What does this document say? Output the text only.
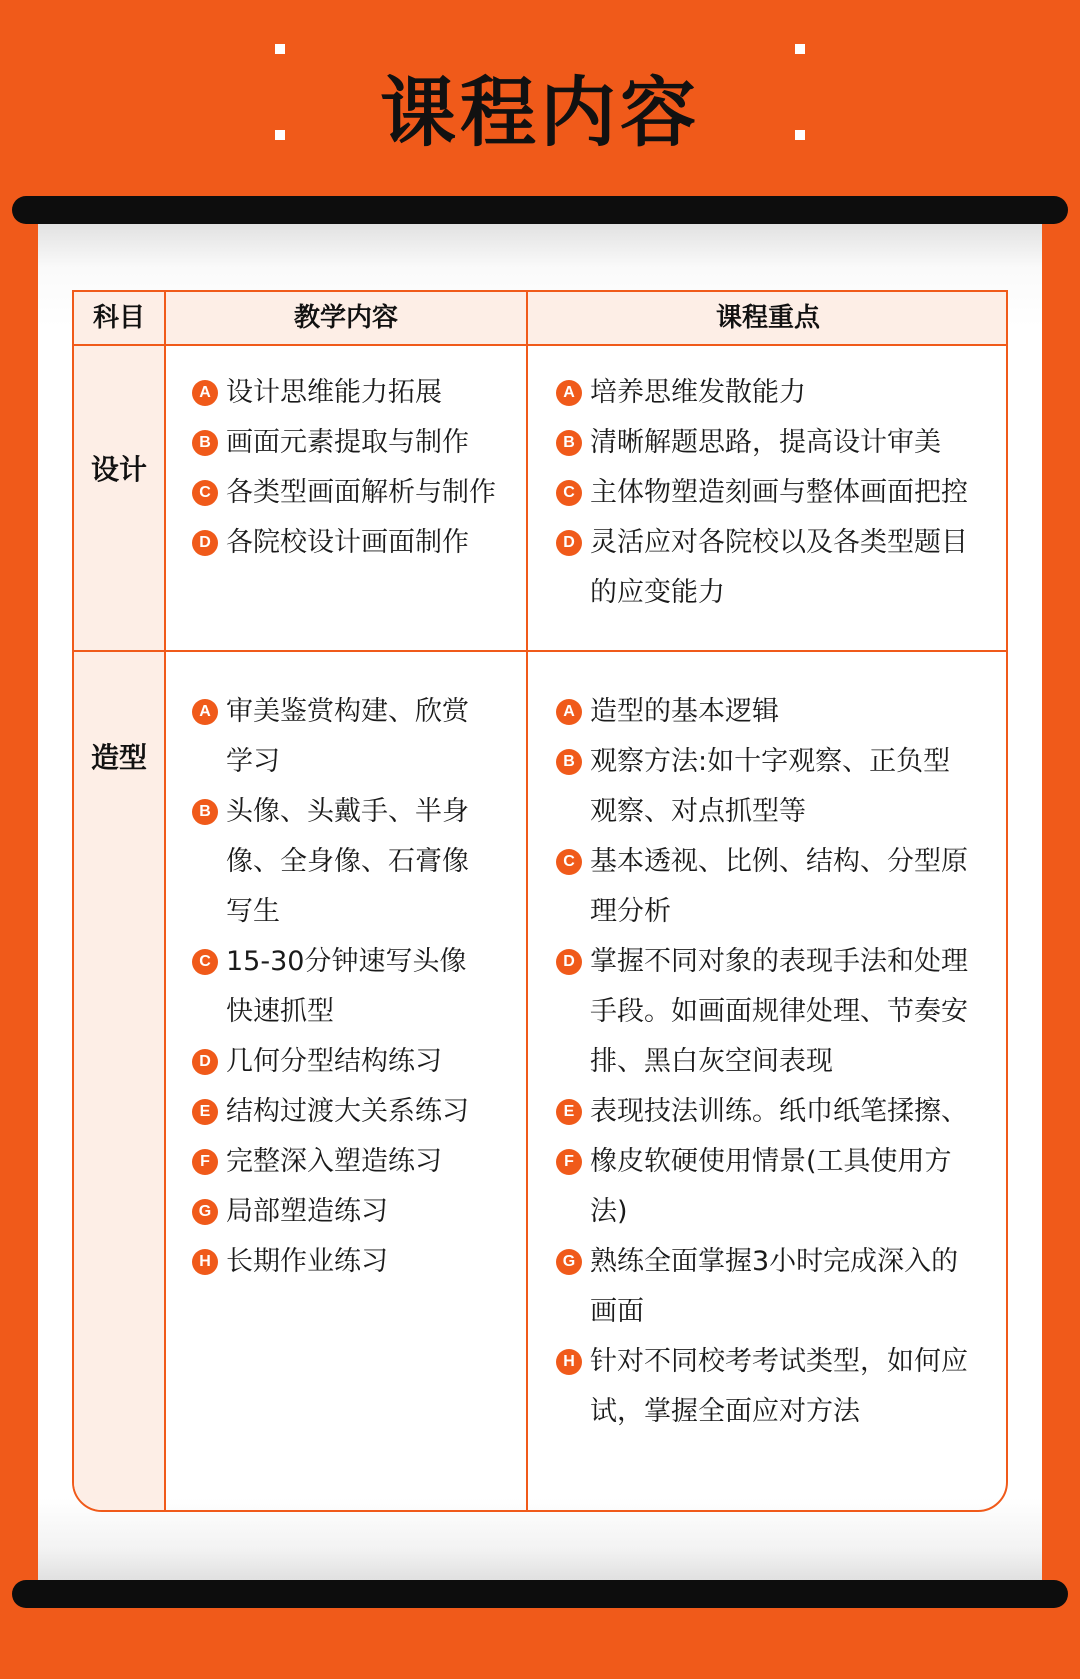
课程内容
科目	教学内容	课程重点
设计
A 设计思维能力拓展
B 画面元素提取与制作
C 各类型画面解析与制作
D 各院校设计画面制作
A 培养思维发散能力
B 清晰解题思路，提高设计审美
C 主体物塑造刻画与整体画面把控
D 灵活应对各院校以及各类型题目的应变能力
造型
A 审美鉴赏构建、欣赏学习
B 头像、头戴手、半身像、全身像、石膏像写生
C 15-30分钟速写头像快速抓型
D 几何分型结构练习
E 结构过渡大关系练习
F 完整深入塑造练习
G 局部塑造练习
H 长期作业练习
A 造型的基本逻辑
B 观察方法:如十字观察、正负型观察、对点抓型等
C 基本透视、比例、结构、分型原理分析
D 掌握不同对象的表现手法和处理手段。如画面规律处理、节奏安排、黑白灰空间表现
E 表现技法训练。纸巾纸笔揉擦、
F 橡皮软硬使用情景(工具使用方法)
G 熟练全面掌握3小时完成深入的画面
H 针对不同校考考试类型，如何应试，掌握全面应对方法
